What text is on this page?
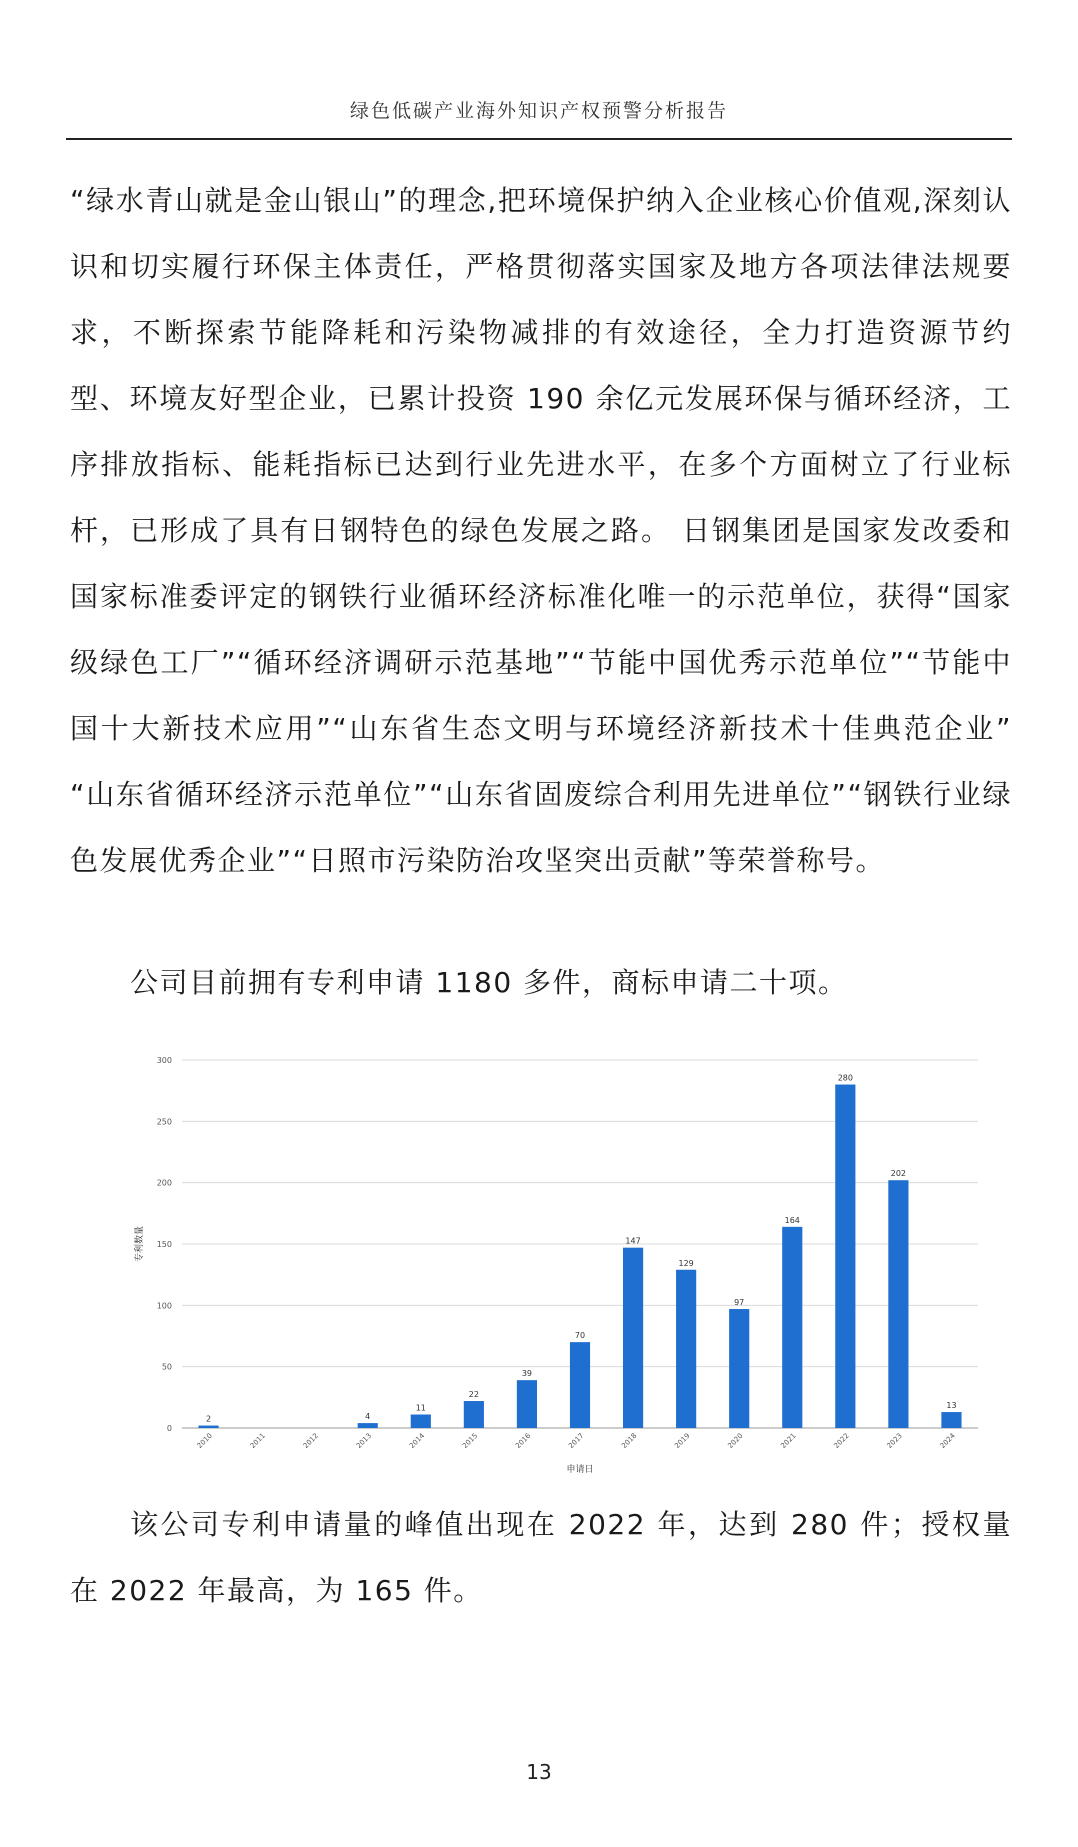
绿色低碳产业海外知识产权预警分析报告

“绿水青山就是金山银山”的理念,把环境保护纳入企业核心价值观,深刻认识和切实履行环保主体责任，严格贯彻落实国家及地方各项法律法规要求，不断探索节能降耗和污染物减排的有效途径，全力打造资源节约型、环境友好型企业，已累计投资 190 余亿元发展环保与循环经济，工序排放指标、能耗指标已达到行业先进水平，在多个方面树立了行业标杆，已形成了具有日钢特色的绿色发展之路。 日钢集团是国家发改委和国家标准委评定的钢铁行业循环经济标准化唯一的示范单位，获得“国家级绿色工厂”“循环经济调研示范基地”“节能中国优秀示范单位”“节能中国十大新技术应用”“山东省生态文明与环境经济新技术十佳典范企业” “山东省循环经济示范单位”“山东省固废综合利用先进单位”“钢铁行业绿色发展优秀企业”“日照市污染防治攻坚突出贡献”等荣誉称号。

公司目前拥有专利申请 1180 多件，商标申请二十项。

0
50
100
150
200
250
300
专利数量
2
2010	2011	2012
4
2013
11
2014
22
2015
39
2016
70
2017
147
2018
129
2019
97
2020
164
2021
280
2022
202
2023
13
2024
申请日

该公司专利申请量的峰值出现在 2022 年，达到 280 件；授权量在 2022 年最高，为 165 件。

13
